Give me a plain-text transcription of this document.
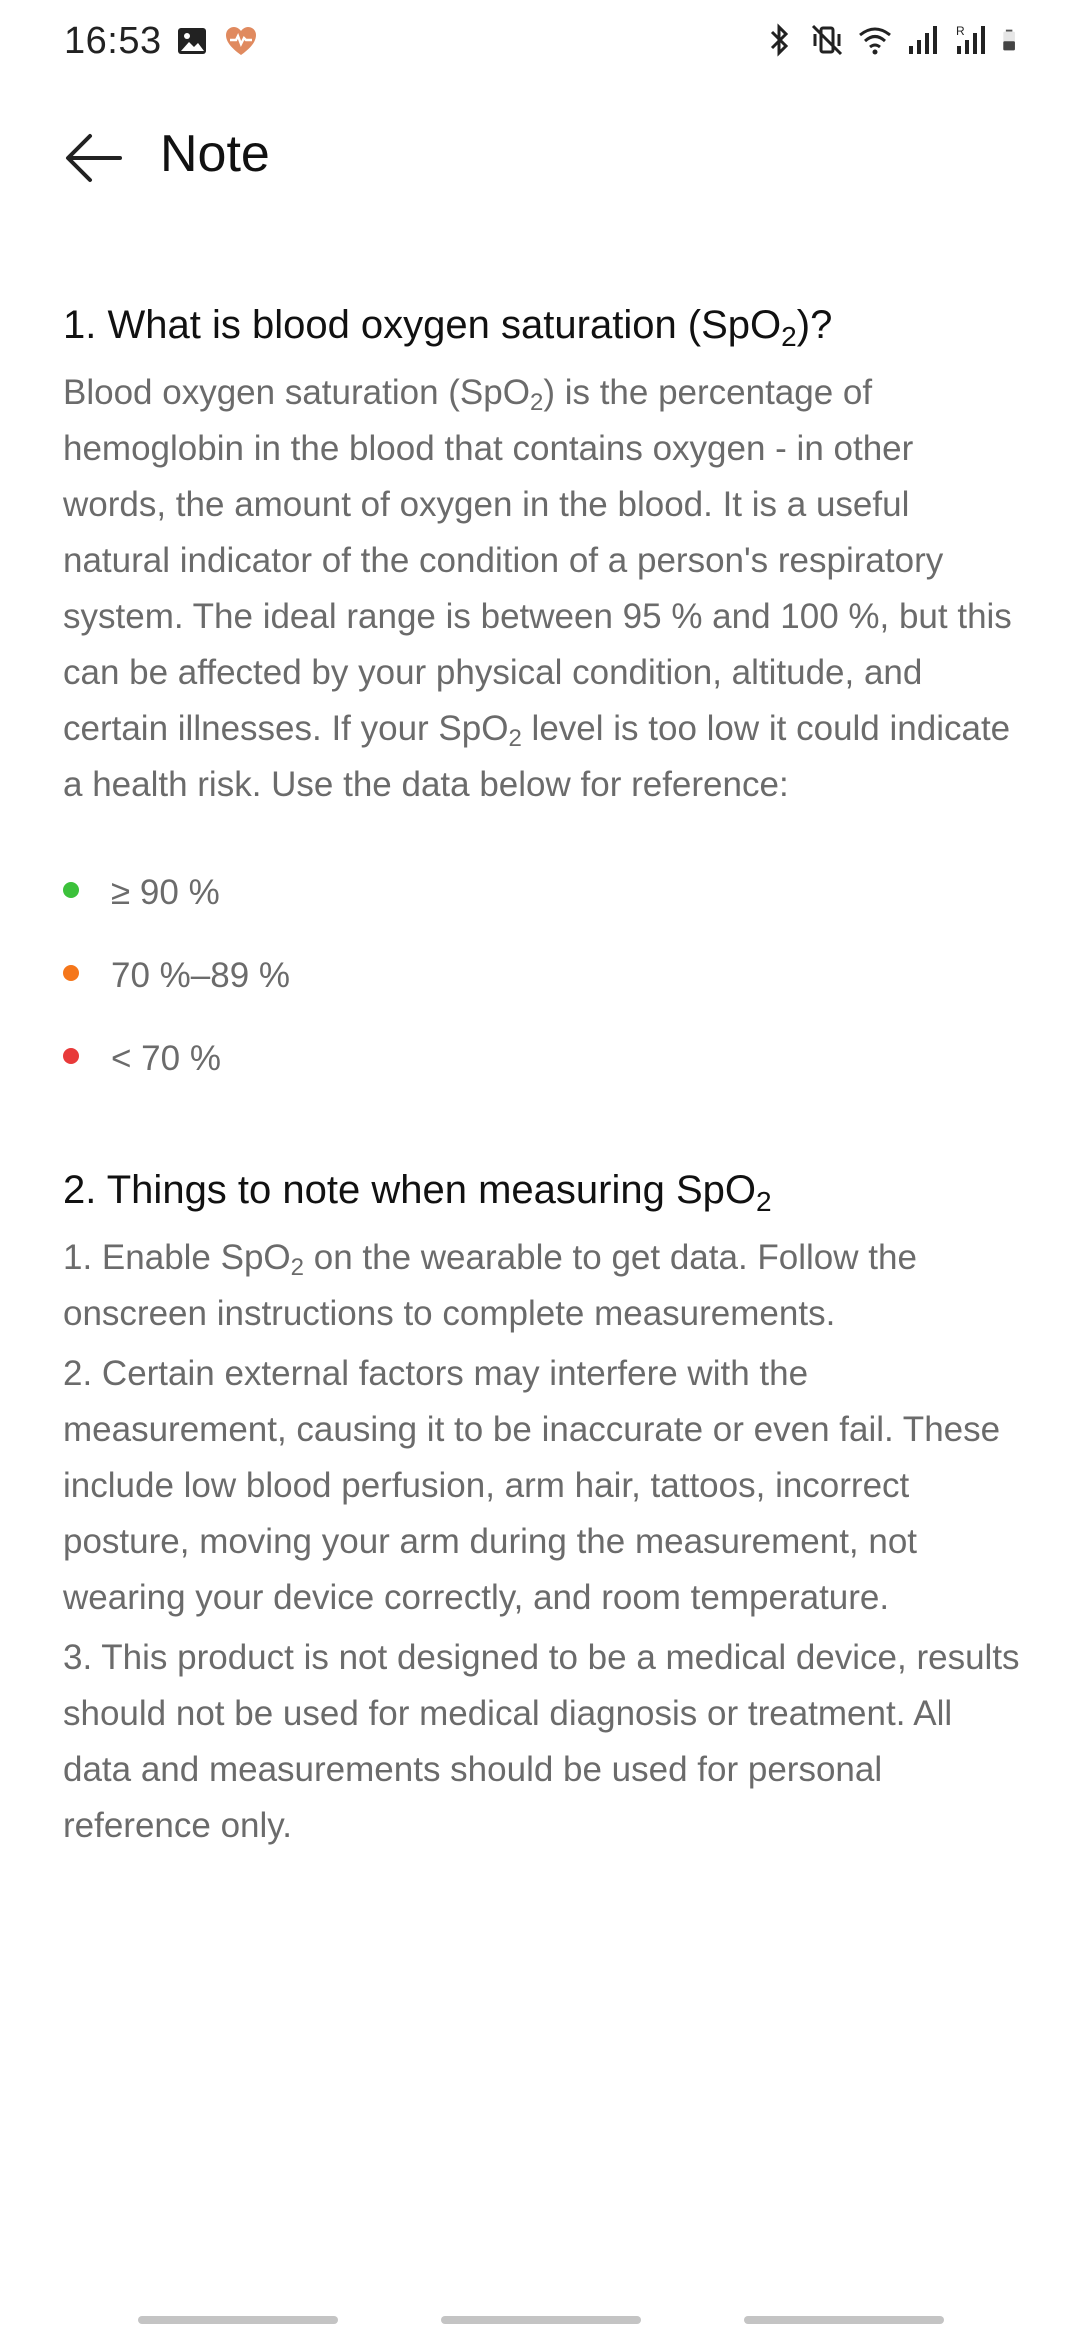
16:53	R
Note
1. What is blood oxygen saturation (SpO$_2$)?

Blood oxygen saturation (SpO$_2$) is the percentage of hemoglobin in the blood that contains oxygen - in other words, the amount of oxygen in the blood. It is a useful natural indicator of the condition of a person's respiratory system. The ideal range is between 95 % and 100 %, but this can be affected by your physical condition, altitude, and certain illnesses. If your SpO$_2$ level is too low it could indicate a health risk. Use the data below for reference:

≥ 90 %
70 %–89 %
< 70 %
2. Things to note when measuring SpO$_2$

1. Enable SpO$_2$ on the wearable to get data. Follow the onscreen instructions to complete measurements.

2. Certain external factors may interfere with the measurement, causing it to be inaccurate or even fail. These include low blood perfusion, arm hair, tattoos, incorrect posture, moving your arm during the measurement, not wearing your device correctly, and room temperature.

3. This product is not designed to be a medical device, results should not be used for medical diagnosis or treatment. All data and measurements should be used for personal reference only.
